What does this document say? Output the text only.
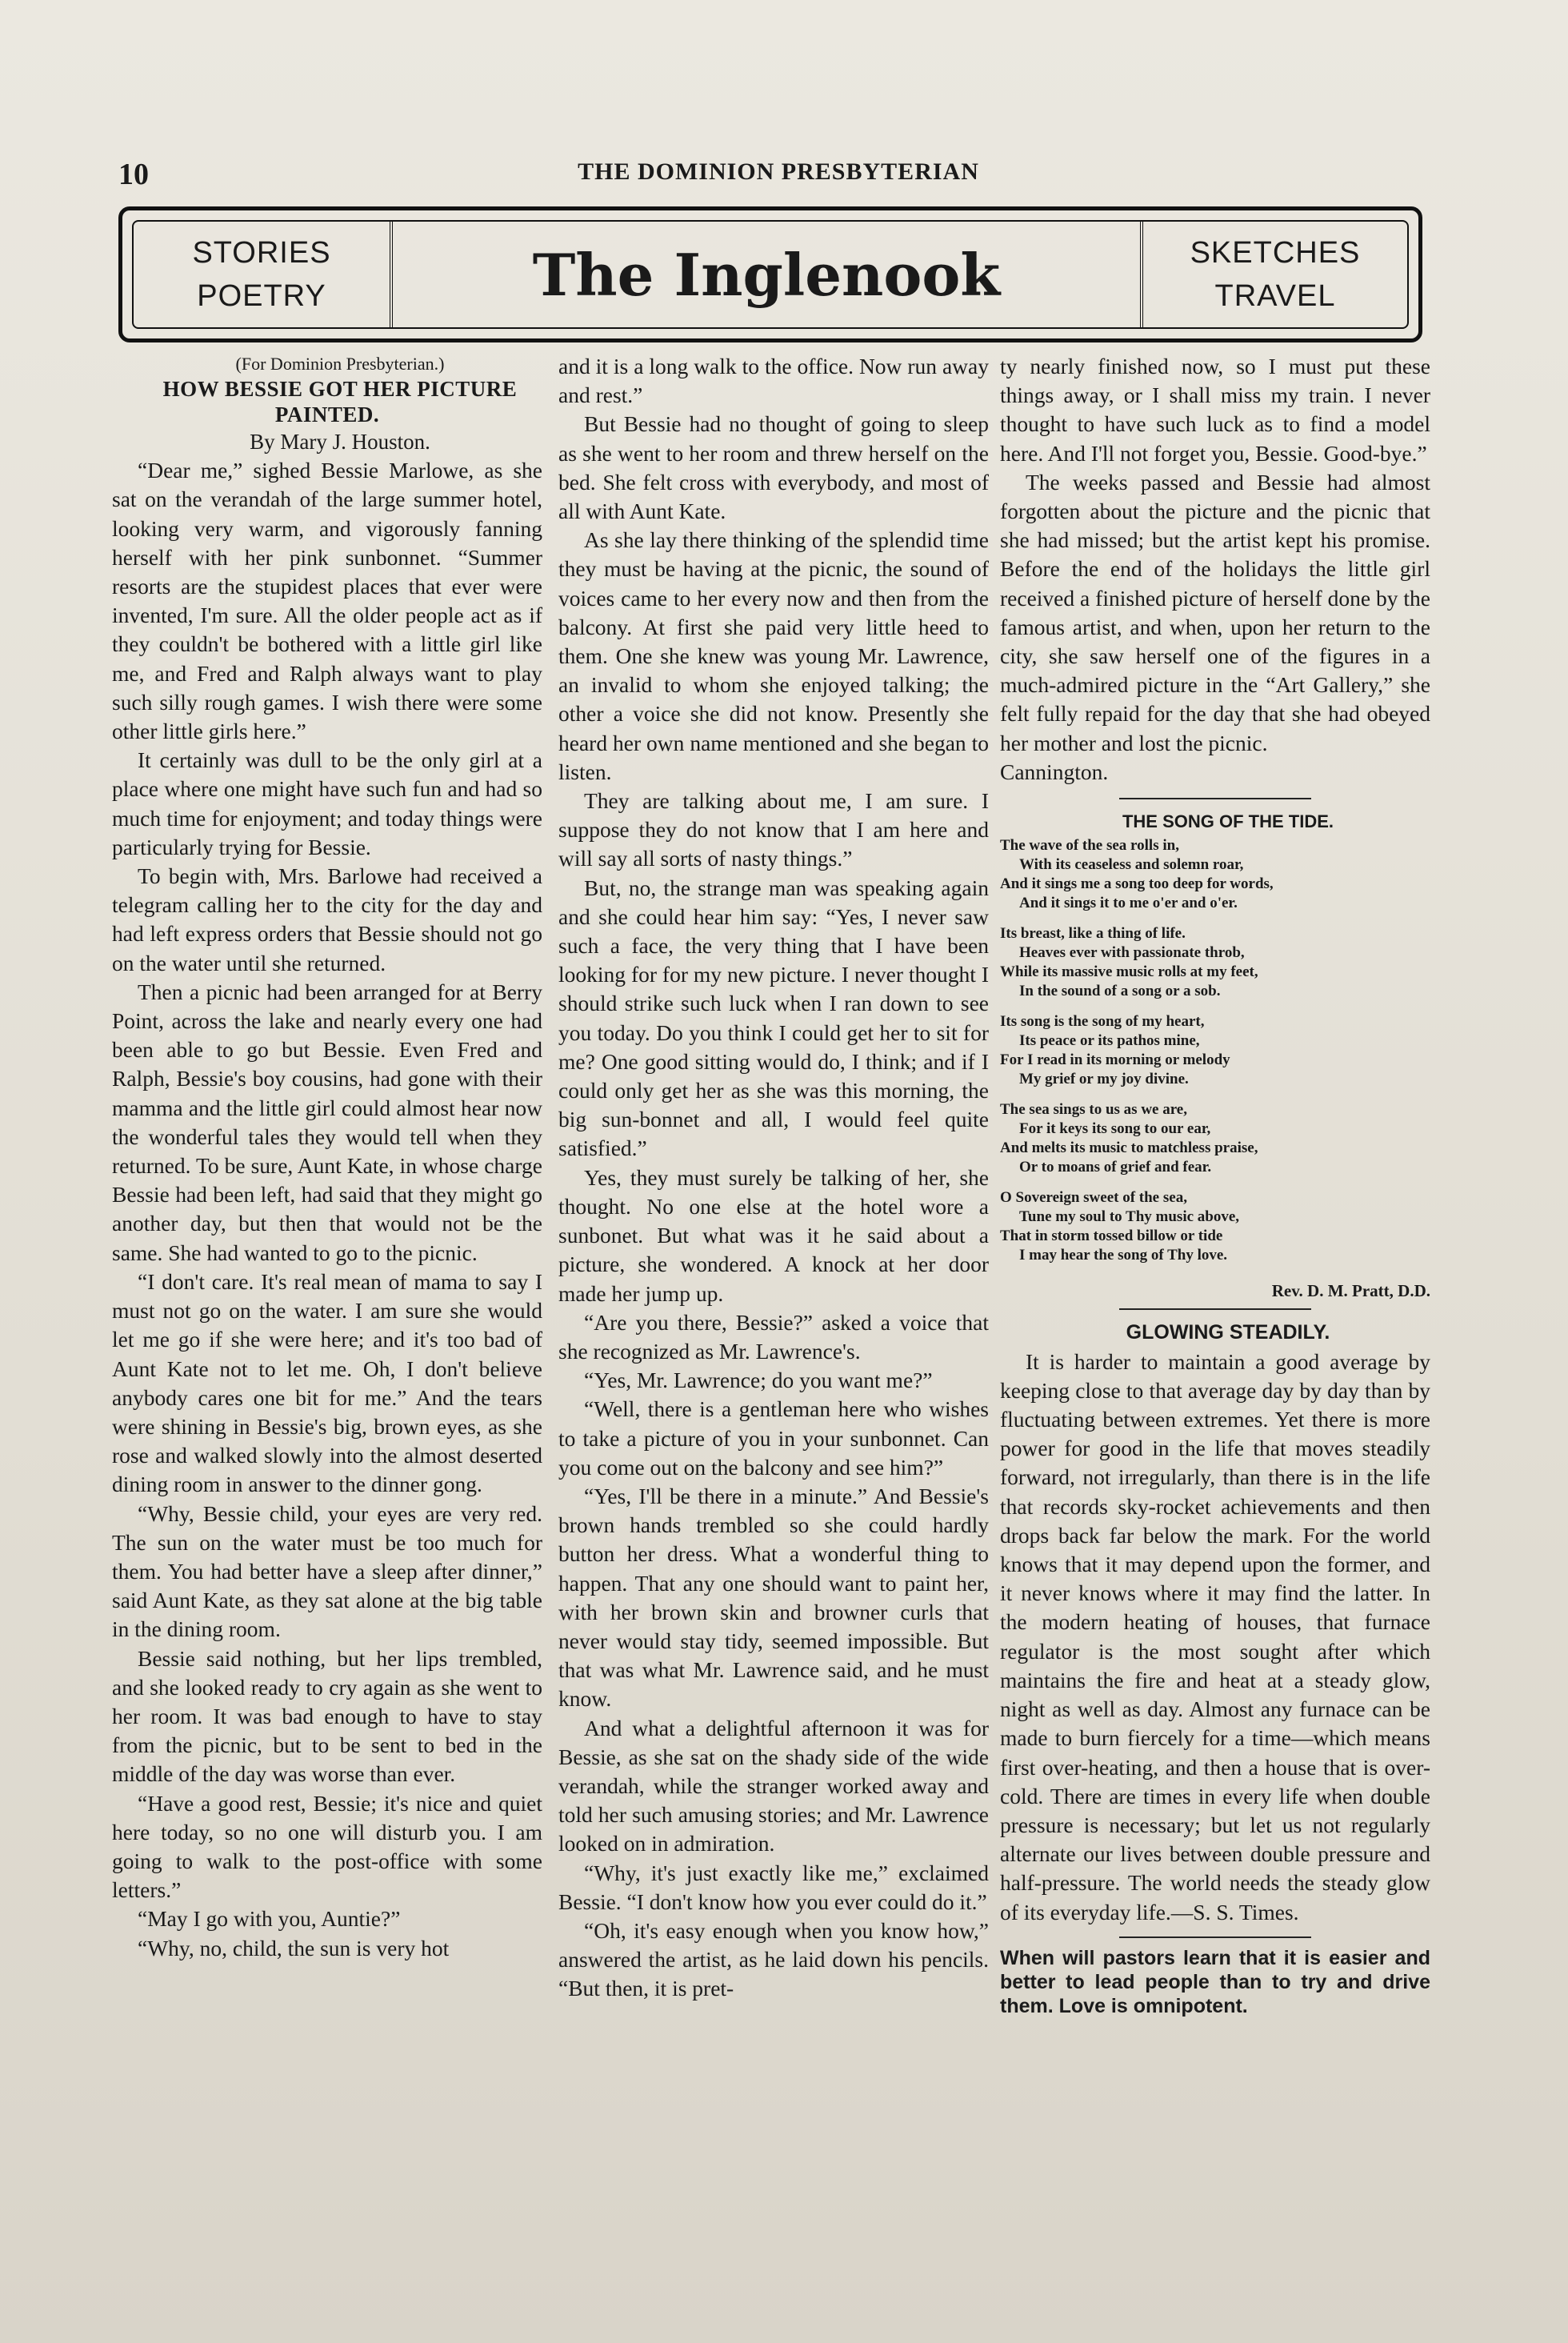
10	THE DOMINION PRESBYTERIAN
STORIES
POETRY	The Inglenook	SKETCHES
TRAVEL

(For Dominion Presbyterian.)

HOW BESSIE GOT HER PICTURE
PAINTED.

By Mary J. Houston.

“Dear me,” sighed Bessie Marlowe, as she sat on the verandah of the large summer hotel, looking very warm, and vigorously fanning herself with her pink sunbonnet. “Summer resorts are the stupidest places that ever were invented, I'm sure. All the older people act as if they couldn't be bothered with a little girl like me, and Fred and Ralph always want to play such silly rough games. I wish there were some other little girls here.”

It certainly was dull to be the only girl at a place where one might have such fun and had so much time for enjoyment; and today things were particularly trying for Bessie.

To begin with, Mrs. Barlowe had received a telegram calling her to the city for the day and had left express orders that Bessie should not go on the water until she returned.

Then a picnic had been arranged for at Berry Point, across the lake and nearly every one had been able to go but Bessie. Even Fred and Ralph, Bessie's boy cousins, had gone with their mamma and the little girl could almost hear now the wonderful tales they would tell when they returned. To be sure, Aunt Kate, in whose charge Bessie had been left, had said that they might go another day, but then that would not be the same. She had wanted to go to the picnic.

“I don't care. It's real mean of mama to say I must not go on the water. I am sure she would let me go if she were here; and it's too bad of Aunt Kate not to let me. Oh, I don't believe anybody cares one bit for me.” And the tears were shining in Bessie's big, brown eyes, as she rose and walked slowly into the almost deserted dining room in answer to the dinner gong.

“Why, Bessie child, your eyes are very red. The sun on the water must be too much for them. You had better have a sleep after dinner,” said Aunt Kate, as they sat alone at the big table in the dining room.

Bessie said nothing, but her lips trembled, and she looked ready to cry again as she went to her room. It was bad enough to have to stay from the picnic, but to be sent to bed in the middle of the day was worse than ever.

“Have a good rest, Bessie; it's nice and quiet here today, so no one will disturb you. I am going to walk to the post-office with some letters.”

“May I go with you, Auntie?”

“Why, no, child, the sun is very hot

and it is a long walk to the office. Now run away and rest.”

But Bessie had no thought of going to sleep as she went to her room and threw herself on the bed. She felt cross with everybody, and most of all with Aunt Kate.

As she lay there thinking of the splendid time they must be having at the picnic, the sound of voices came to her every now and then from the balcony. At first she paid very little heed to them. One she knew was young Mr. Lawrence, an invalid to whom she enjoyed talking; the other a voice she did not know. Presently she heard her own name mentioned and she began to listen.

They are talking about me, I am sure. I suppose they do not know that I am here and will say all sorts of nasty things.”

But, no, the strange man was speaking again and she could hear him say: “Yes, I never saw such a face, the very thing that I have been looking for for my new picture. I never thought I should strike such luck when I ran down to see you today. Do you think I could get her to sit for me? One good sitting would do, I think; and if I could only get her as she was this morning, the big sun-bonnet and all, I would feel quite satisfied.”

Yes, they must surely be talking of her, she thought. No one else at the hotel wore a sunbonet. But what was it he said about a picture, she wondered. A knock at her door made her jump up.

“Are you there, Bessie?” asked a voice that she recognized as Mr. Lawrence's.

“Yes, Mr. Lawrence; do you want me?”

“Well, there is a gentleman here who wishes to take a picture of you in your sunbonnet. Can you come out on the balcony and see him?”

“Yes, I'll be there in a minute.” And Bessie's brown hands trembled so she could hardly button her dress. What a wonderful thing to happen. That any one should want to paint her, with her brown skin and browner curls that never would stay tidy, seemed impossible. But that was what Mr. Lawrence said, and he must know.

And what a delightful afternoon it was for Bessie, as she sat on the shady side of the wide verandah, while the stranger worked away and told her such amusing stories; and Mr. Lawrence looked on in admiration.

“Why, it's just exactly like me,” exclaimed Bessie. “I don't know how you ever could do it.”

“Oh, it's easy enough when you know how,” answered the artist, as he laid down his pencils. “But then, it is pret-

ty nearly finished now, so I must put these things away, or I shall miss my train. I never thought to have such luck as to find a model here. And I'll not forget you, Bessie. Good-bye.”

The weeks passed and Bessie had almost forgotten about the picture and the picnic that she had missed; but the artist kept his promise. Before the end of the holidays the little girl received a finished picture of herself done by the famous artist, and when, upon her return to the city, she saw herself one of the figures in a much-admired picture in the “Art Gallery,” she felt fully repaid for the day that she had obeyed her mother and lost the picnic.

Cannington.

THE SONG OF THE TIDE.

The wave of the sea rolls in,
With its ceaseless and solemn roar,
And it sings me a song too deep for words,
And it sings it to me o'er and o'er.
Its breast, like a thing of life.
Heaves ever with passionate throb,
While its massive music rolls at my feet,
In the sound of a song or a sob.
Its song is the song of my heart,
Its peace or its pathos mine,
For I read in its morning or melody
My grief or my joy divine.
The sea sings to us as we are,
For it keys its song to our ear,
And melts its music to matchless praise,
Or to moans of grief and fear.
O Sovereign sweet of the sea,
Tune my soul to Thy music above,
That in storm tossed billow or tide
I may hear the song of Thy love.

Rev. D. M. Pratt, D.D.

GLOWING STEADILY.

It is harder to maintain a good average by keeping close to that average day by day than by fluctuating between extremes. Yet there is more power for good in the life that moves steadily forward, not irregularly, than there is in the life that records sky-rocket achievements and then drops back far below the mark. For the world knows that it may depend upon the former, and it never knows where it may find the latter. In the modern heating of houses, that furnace regulator is the most sought after which maintains the fire and heat at a steady glow, night as well as day. Almost any furnace can be made to burn fiercely for a time—which means first over-heating, and then a house that is over-cold. There are times in every life when double pressure is necessary; but let us not regularly alternate our lives between double pressure and half-pressure. The world needs the steady glow of its everyday life.—S. S. Times.

When will pastors learn that it is easier and better to lead people than to try and drive them. Love is omnipotent.
